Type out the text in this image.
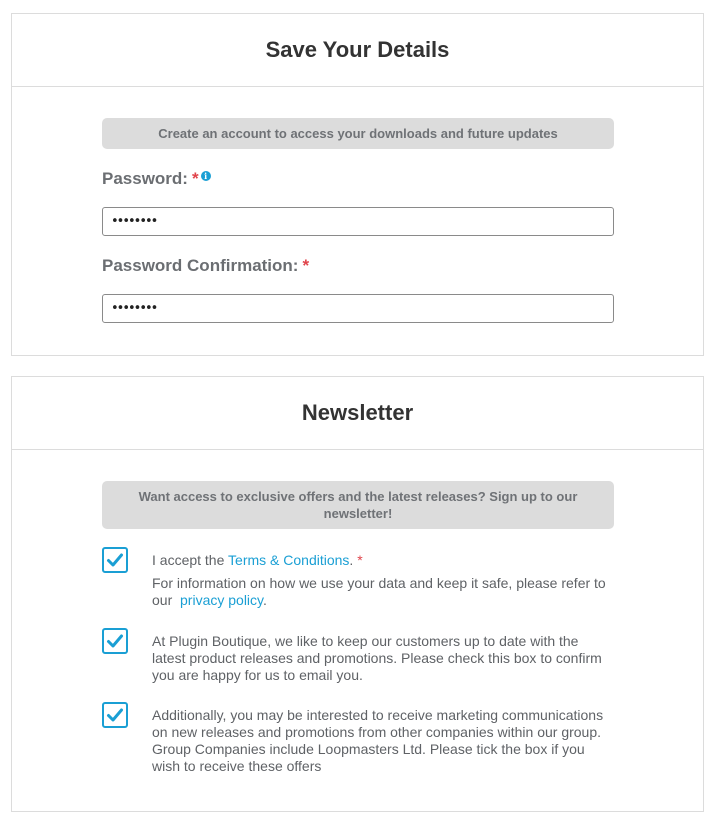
Save Your Details
Create an account to access your downloads and future updates
Password: * i
••••••••
Password Confirmation: *
••••••••
Newsletter
Want access to exclusive offers and the latest releases? Sign up to our newsletter!

I accept the Terms & Conditions. *

For information on how we use your data and keep it safe, please refer to our privacy policy.

At Plugin Boutique, we like to keep our customers up to date with the latest product releases and promotions. Please check this box to confirm you are happy for us to email you.
Additionally, you may be interested to receive marketing communications on new releases and promotions from other companies within our group. Group Companies include Loopmasters Ltd. Please tick the box if you wish to receive these offers
